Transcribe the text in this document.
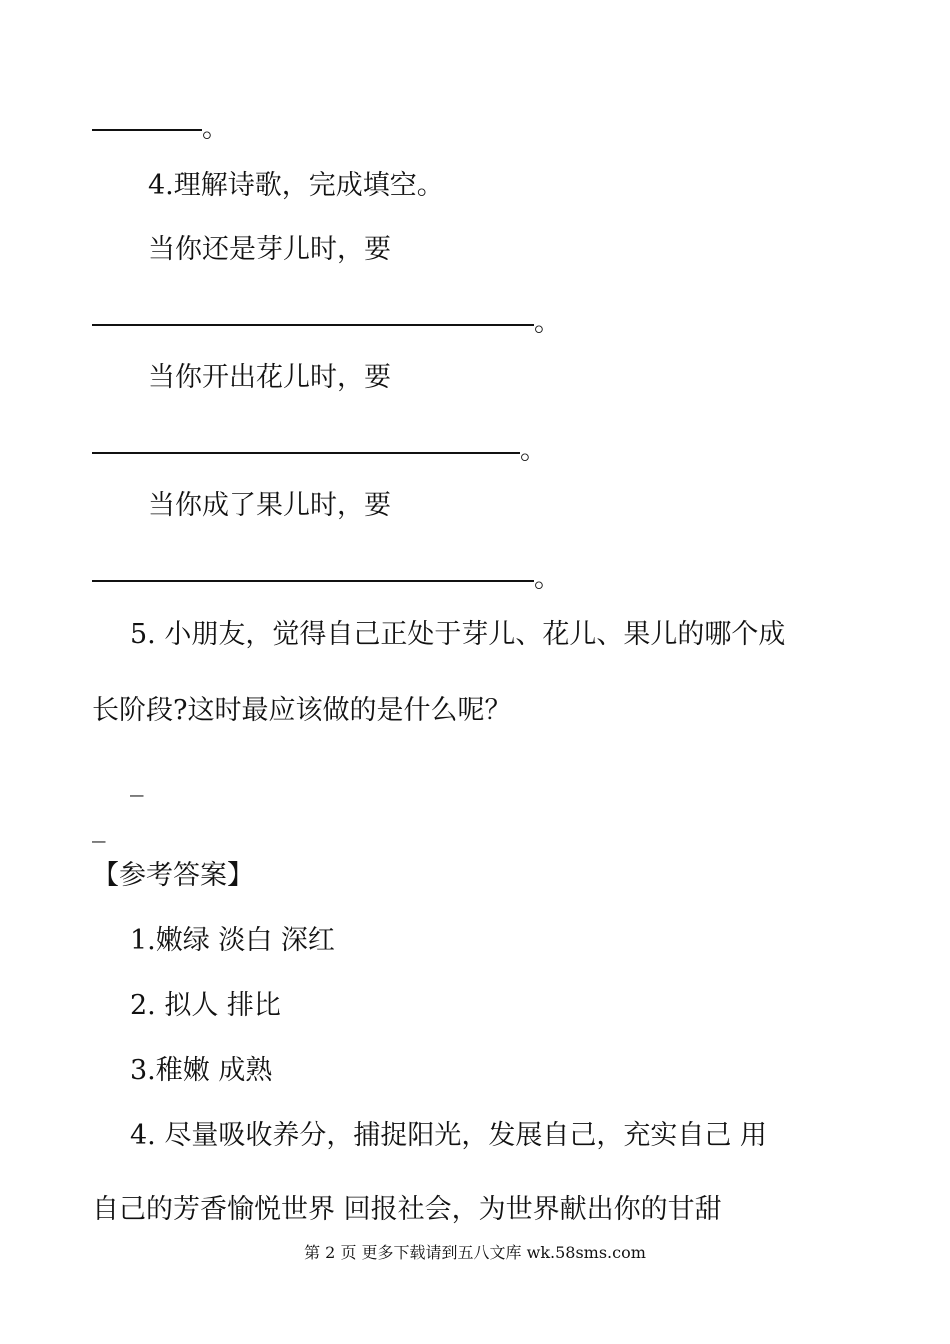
。
4.理解诗歌，完成填空。
当你还是芽儿时，要
。
当你开出花儿时，要
。
当你成了果儿时，要
。
5. 小朋友，觉得自己正处于芽儿、花儿、果儿的哪个成
长阶段?这时最应该做的是什么呢？
_
_
【参考答案】
1.嫩绿 淡白 深红
2. 拟人 排比
3.稚嫩 成熟
4. 尽量吸收养分，捕捉阳光，发展自己，充实自己 用
自己的芳香愉悦世界 回报社会，为世界献出你的甘甜
第 2 页 更多下载请到五八文库 wk.58sms.com
